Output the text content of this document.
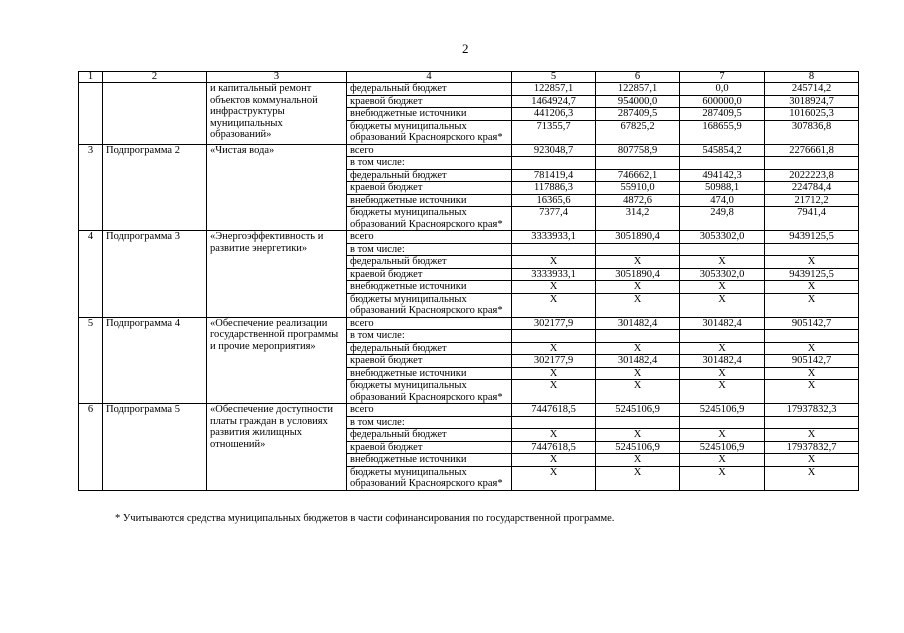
2
1	2	3	4	5	6	7	8
		и капитальный ремонт объектов коммунальной инфраструктуры муниципальных образований»	федеральный бюджет	122857,1	122857,1	0,0	245714,2
			краевой бюджет	1464924,7	954000,0	600000,0	3018924,7
			внебюджетные источники	441206,3	287409,5	287409,5	1016025,3
			бюджеты муниципальных образований Красноярского края*	71355,7	67825,2	168655,9	307836,8
3	Подпрограмма 2	«Чистая вода»	всего	923048,7	807758,9	545854,2	2276661,8
			в том числе:				
			федеральный бюджет	781419,4	746662,1	494142,3	2022223,8
			краевой бюджет	117886,3	55910,0	50988,1	224784,4
			внебюджетные источники	16365,6	4872,6	474,0	21712,2
			бюджеты муниципальных образований Красноярского края*	7377,4	314,2	249,8	7941,4
4	Подпрограмма 3	«Энергоэффективность и развитие энергетики»	всего	3333933,1	3051890,4	3053302,0	9439125,5
			в том числе:				
			федеральный бюджет	X	X	X	X
			краевой бюджет	3333933,1	3051890,4	3053302,0	9439125,5
			внебюджетные источники	X	X	X	X
			бюджеты муниципальных образований Красноярского края*	X	X	X	X
5	Подпрограмма 4	«Обеспечение реализации государственной программы и прочие мероприятия»	всего	302177,9	301482,4	301482,4	905142,7
			в том числе:				
			федеральный бюджет	X	X	X	X
			краевой бюджет	302177,9	301482,4	301482,4	905142,7
			внебюджетные источники	X	X	X	X
			бюджеты муниципальных образований Красноярского края*	X	X	X	X
6	Подпрограмма 5	«Обеспечение доступности платы граждан в условиях развития жилищных отношений»	всего	7447618,5	5245106,9	5245106,9	17937832,3
			в том числе:				
			федеральный бюджет	X	X	X	X
			краевой бюджет	7447618,5	5245106,9	5245106,9	17937832,7
			внебюджетные источники	X	X	X	X
			бюджеты муниципальных образований Красноярского края*	X	X	X	X
* Учитываются средства муниципальных бюджетов в части софинансирования по государственной программе.
